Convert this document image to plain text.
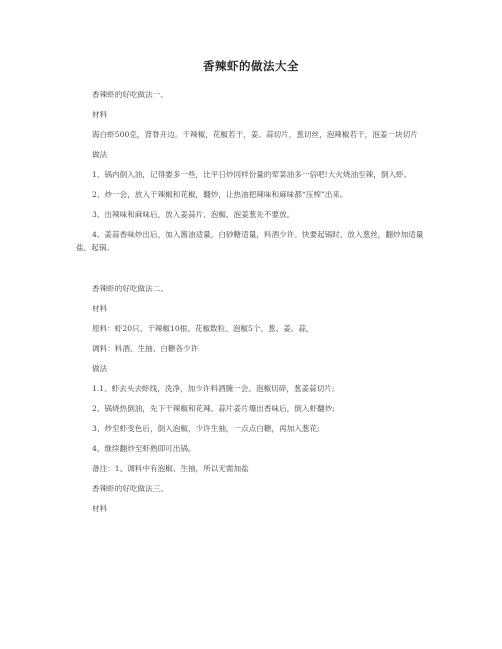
香辣虾的做法大全

香辣虾的好吃做法一、

材料

海白虾500克，背脊开边。干辣椒，花椒若干，姜、蒜切片，葱切丝，泡辣椒若干，泡姜一块切片

做法

1、锅内倒入油，记得要多一些，比平日炒同样份量的荤菜油多一倍吧!大火烧油至辣，倒入虾。

2、炒一会，放入干辣椒和花椒，翻炒，让热油把辣味和麻味都“压榨”出来。

3、出辣味和麻味后，放入姜蒜片、泡椒、泡姜葱先不要放。

4、姜蒜香味炒出后，加入酱油适量，白砂糖适量，料酒少许。快要起锅时，放入葱丝，翻炒加适量盐，起锅。

香辣虾的好吃做法二、

材料

原料：虾20只、干辣椒10根、花椒数粒、泡椒5个、葱、姜、蒜，

调料：料酒、生抽、白糖各少许

做法

1.1、虾去头去虾线，洗净，加少许料酒腌一会。泡椒切碎，葱姜蒜切片;

2、锅烧热倒油，先下干辣椒和花辣、蒜片姜片爆出香味后，倒入虾翻炒;

3、炒至虾变色后，倒入泡椒，少许生抽，一点点白糖，再加入葱花;

4、继续翻炒至虾熟即可出锅。

备注：1、调料中有泡椒、生抽，所以无需加盐

香辣虾的好吃做法三、

材料
